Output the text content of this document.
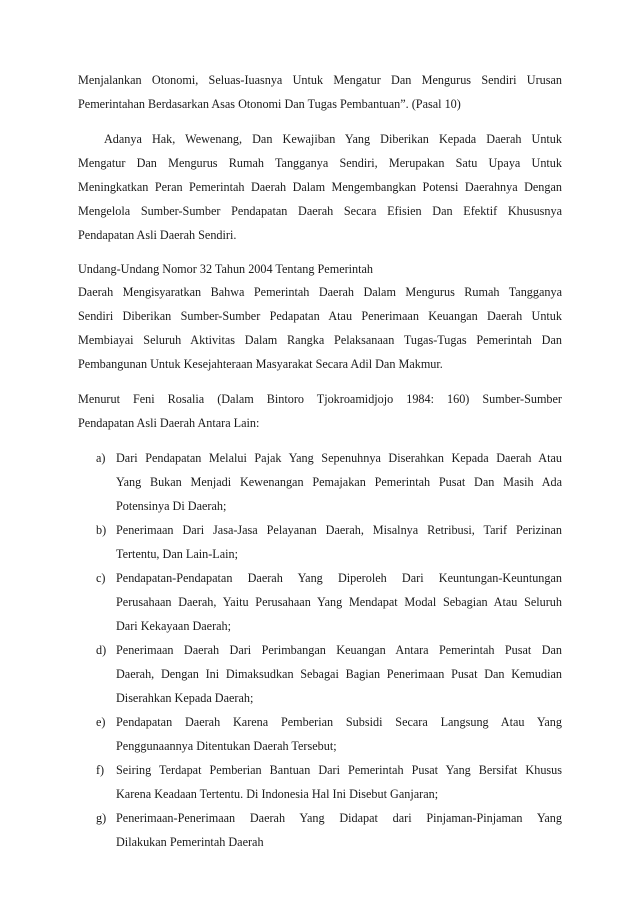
Menjalankan Otonomi, Seluas-Iuasnya Untuk Mengatur Dan Mengurus Sendiri Urusan
Pemerintahan Berdasarkan Asas Otonomi Dan Tugas Pembantuan”. (Pasal 10)
Adanya Hak, Wewenang, Dan Kewajiban Yang Diberikan Kepada Daerah Untuk
Mengatur Dan Mengurus Rumah Tangganya Sendiri, Merupakan Satu Upaya Untuk
Meningkatkan Peran Pemerintah Daerah Dalam Mengembangkan Potensi Daerahnya Dengan
Mengelola Sumber-Sumber Pendapatan Daerah Secara Efisien Dan Efektif Khususnya
Pendapatan Asli Daerah Sendiri.
Undang-Undang Nomor 32 Tahun 2004 Tentang Pemerintah
Daerah Mengisyaratkan Bahwa Pemerintah Daerah Dalam Mengurus Rumah Tangganya
Sendiri Diberikan Sumber-Sumber Pedapatan Atau Penerimaan Keuangan Daerah Untuk
Membiayai Seluruh Aktivitas Dalam Rangka Pelaksanaan Tugas-Tugas Pemerintah Dan
Pembangunan Untuk Kesejahteraan Masyarakat Secara Adil Dan Makmur.
Menurut Feni Rosalia (Dalam Bintoro Tjokroamidjojo 1984: 160) Sumber-Sumber
Pendapatan Asli Daerah Antara Lain:
a) Dari Pendapatan Melalui Pajak Yang Sepenuhnya Diserahkan Kepada Daerah Atau
Yang Bukan Menjadi Kewenangan Pemajakan Pemerintah Pusat Dan Masih Ada
Potensinya Di Daerah;
b) Penerimaan Dari Jasa-Jasa Pelayanan Daerah, Misalnya Retribusi, Tarif Perizinan
Tertentu, Dan Lain-Lain;
c) Pendapatan-Pendapatan Daerah Yang Diperoleh Dari Keuntungan-Keuntungan
Perusahaan Daerah, Yaitu Perusahaan Yang Mendapat Modal Sebagian Atau Seluruh
Dari Kekayaan Daerah;
d) Penerimaan Daerah Dari Perimbangan Keuangan Antara Pemerintah Pusat Dan
Daerah, Dengan Ini Dimaksudkan Sebagai Bagian Penerimaan Pusat Dan Kemudian
Diserahkan Kepada Daerah;
e) Pendapatan Daerah Karena Pemberian Subsidi Secara Langsung Atau Yang
Penggunaannya Ditentukan Daerah Tersebut;
f) Seiring Terdapat Pemberian Bantuan Dari Pemerintah Pusat Yang Bersifat Khusus
Karena Keadaan Tertentu. Di Indonesia Hal Ini Disebut Ganjaran;
g) Penerimaan-Penerimaan Daerah Yang Didapat dari Pinjaman-Pinjaman Yang
Dilakukan Pemerintah Daerah
